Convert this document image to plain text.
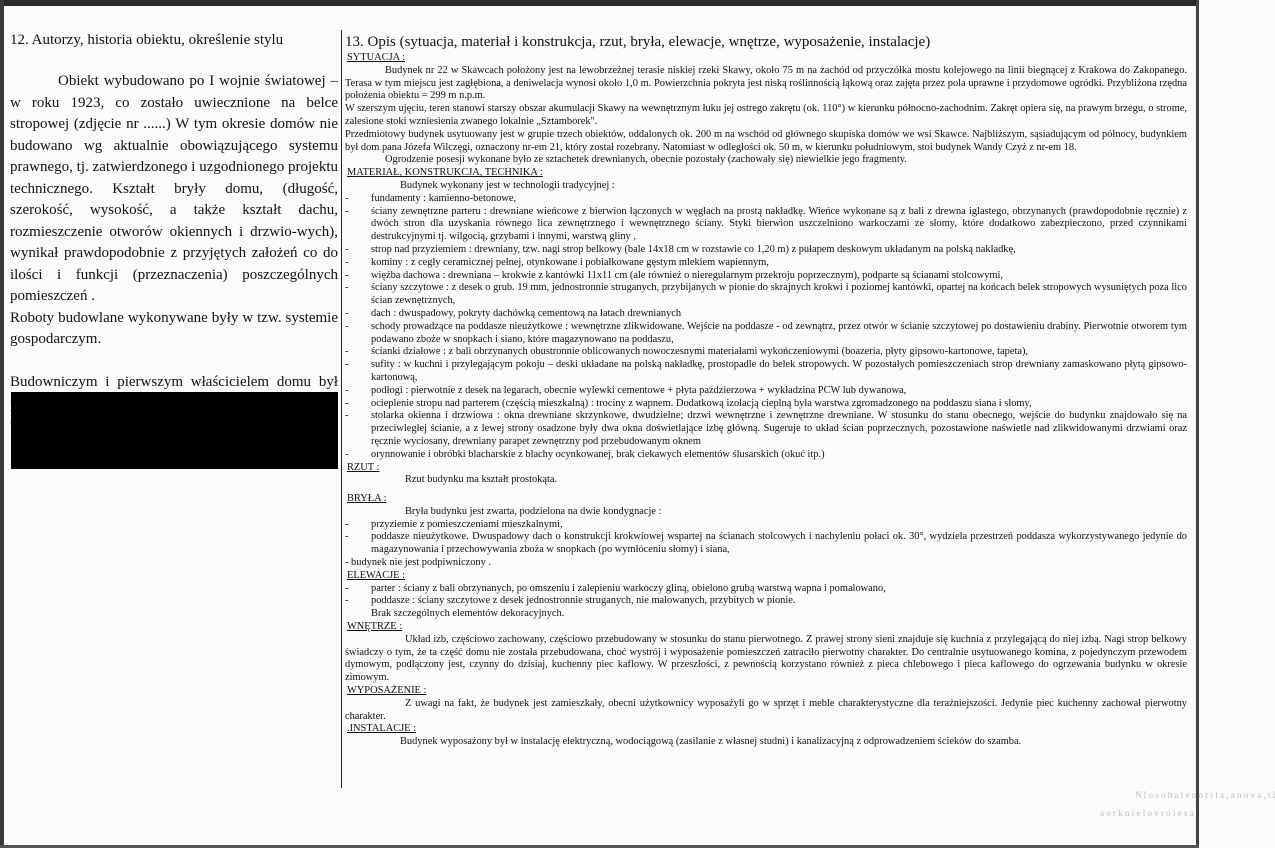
12. Autorzy, historia obiektu, określenie stylu

Obiekt wybudowano po I wojnie światowej – w roku 1923, co zostało uwiecznione na belce stropowej (zdjęcie nr ......) W tym okresie domów nie budowano wg aktualnie obowiązującego systemu prawnego, tj. zatwierdzonego i uzgodnionego projektu technicznego. Kształt bryły domu, (długość, szerokość, wysokość, a także kształt dachu, rozmieszczenie otworów okiennych i drzwio-wych), wynikał prawdopodobnie z przyjętych założeń co do ilości i funkcji (przeznaczenia) poszczególnych pomieszczeń .

Roboty budowlane wykonywane były w tzw. systemie gospodarczym.

Budowniczym i pierwszym właścicielem domu był

13. Opis (sytuacja, materiał i konstrukcja, rzut, bryła, elewacje, wnętrze, wyposażenie, instalacje)
SYTUACJA :

Budynek nr 22 w Skawcach położony jest na lewobrzeżnej terasie niskiej rzeki Skawy, około 75 m na zachód od przyczółka mostu kolejowego na linii biegnącej z Krakowa do Zakopanego. Terasa w tym miejscu jest zagłębiona, a deniwelacja wynosi około 1,0 m. Powierzchnia pokryta jest niską roślinnością łąkową oraz zajęta przez pola uprawne i przydomowe ogródki. Przybliżona rzędna położenia obiektu = 299 m n.p.m.

W szerszym ujęciu, teren stanowi starszy obszar akumulacji Skawy na wewnętrznym łuku jej ostrego zakrętu (ok. 110°) w kierunku północno-zachodnim. Zakręt opiera się, na prawym brzegu, o strome, zalesione stoki wzniesienia zwanego lokalnie „Sztamborek".

Przedmiotowy budynek usytuowany jest w grupie trzech obiektów, oddalonych ok. 200 m na wschód od głównego skupiska domów we wsi Skawce. Najbliższym, sąsiadującym od północy, budynkiem był dom pana Józefa Wilczęgi, oznaczony nr-em 21, który został rozebrany. Natomiast w odległości ok. 50 m, w kierunku południowym, stoi budynek Wandy Czyż z nr-em 18.

Ogrodzenie posesji wykonane było ze sztachetek drewnianych, obecnie pozostały (zachowały się) niewielkie jego fragmenty.

MATERIAŁ, KONSTRUKCJA, TECHNIKA :

Budynek wykonany jest w technologii tradycyjnej :

- fundamenty : kamienno-betonowe,
- ściany zewnętrzne parteru : drewniane wieńcowe z bierwion łączonych w węgłach na prostą nakładkę. Wieńce wykonane są z bali z drewna iglastego, obrzynanych (prawdopodobnie ręcznie) z dwóch stron dla uzyskania równego lica zewnętrznego i wewnętrznego ściany. Styki bierwion uszczelniono warkoczami ze słomy, które dodatkowo zabezpieczono, przed czynnikami destrukcyjnymi tj. wilgocią, grzybami i innymi, warstwą gliny ,
- strop nad przyziemiem : drewniany, tzw. nagi strop belkowy (bale 14x18 cm w rozstawie co 1,20 m) z pułapem deskowym układanym na polską nakładkę,
- kominy : z cegły ceramicznej pełnej, otynkowane i pobiałkowane gęstym mlekiem wapiennym,
- więźba dachowa : drewniana – krokwie z kantówki 11x11 cm (ale również o nieregularnym przekroju poprzecznym), podparte są ścianami stolcowymi,
- ściany szczytowe : z desek o grub. 19 mm, jednostronnie struganych, przybijanych w pionie do skrajnych krokwi i poziomej kantówki, opartej na końcach belek stropowych wysuniętych poza lico ścian zewnętrznych,
- dach : dwuspadowy, pokryty dachówką cementową na łatach drewnianych
- schody prowadzące na poddasze nieużytkowe : wewnętrzne zlikwidowane. Wejście na poddasze - od zewnątrz, przez otwór w ścianie szczytowej po dostawieniu drabiny. Pierwotnie otworem tym podawano zboże w snopkach i siano, które magazynowano na poddaszu,
- ścianki działowe : z bali obrzynanych obustronnie oblicowanych nowoczesnymi materiałami wykończeniowymi (boazeria, płyty gipsowo-kartonowe, tapeta),
- sufity : w kuchni i przylegającym pokoju – deski układane na polską nakładkę, prostopadle do belek stropowych. W pozostałych pomieszczeniach strop drewniany zamaskowano płytą gipsowo-kartonową,
- podłogi : pierwotnie z desek na legarach, obecnie wylewki cementowe + płyta paździerzowa + wykładzina PCW lub dywanowa,
- ocieplenie stropu nad parterem (częścią mieszkalną) : trociny z wapnem. Dodatkową izolacją cieplną była warstwa zgromadzonego na poddaszu siana i słomy,
- stolarka okienna i drzwiowa : okna drewniane skrzynkowe, dwudzielne; drzwi wewnętrzne i zewnętrzne drewniane. W stosunku do stanu obecnego, wejście do budynku znajdowało się na przeciwległej ścianie, a z lewej strony osadzone były dwa okna doświetlające izbę główną. Sugeruje to układ ścian poprzecznych, pozostawione naświetle nad zlikwidowanymi drzwiami oraz ręcznie wyciosany, drewniany parapet zewnętrzny pod przebudowanym oknem
- orynnowanie i obróbki blacharskie z blachy ocynkowanej, brak ciekawych elementów ślusarskich (okuć itp.)
RZUT :

Rzut budynku ma kształt prostokąta.

BRYŁA :

Bryła budynku jest zwarta, podzielona na dwie kondygnacje :

- przyziemie z pomieszczeniami mieszkalnymi,
- poddasze nieużytkowe. Dwuspadowy dach o konstrukcji krokwiowej wspartej na ścianach stolcowych i nachyleniu połaci ok. 30°, wydziela przestrzeń poddasza wykorzystywanego jedynie do magazynowania i przechowywania zboża w snopkach (po wymłóceniu słomy) i siana,

- budynek nie jest podpiwniczony .

ELEWACJE :
- parter : ściany z bali obrzynanych, po omszeniu i zalepieniu warkoczy gliną, obielono grubą warstwą wapna i pomalowano,
- poddasze : ściany szczytowe z desek jednostronnie struganych, nie malowanych, przybitych w pionie.
Brak szczególnych elementów dekoracyjnych.
WNĘTRZE :

Układ izb, częściowo zachowany, częściowo przebudowany w stosunku do stanu pierwotnego. Z prawej strony sieni znajduje się kuchnia z przylegającą do niej izbą. Nagi strop belkowy świadczy o tym, że ta część domu nie została przebudowana, choć wystrój i wyposażenie pomieszczeń zatraciło pierwotny charakter. Do centralnie usytuowanego komina, z pojedynczym przewodem dymowym, podłączony jest, czynny do dzisiaj, kuchenny piec kaflowy. W przeszłości, z pewnością korzystano również z pieca chlebowego i pieca kaflowego do ogrzewania budynku w okresie zimowym.

WYPOSAŻENIE :

Z uwagi na fakt, że budynek jest zamieszkały, obecni użytkownicy wyposażyli go w sprzęt i meble charakterystyczne dla teraźniejszości. Jedynie piec kuchenny zachował pierwotny charakter.

.INSTALACJE :

Budynek wyposażony był w instalację elektryczną, wodociągową (zasilanie z własnej studni) i kanalizacyjną z odprowadzeniem ścieków do szamba.

N l o s o b a l e n o r i l a , a n o v a , t l
a o r k n i e l o v r o i e s a
